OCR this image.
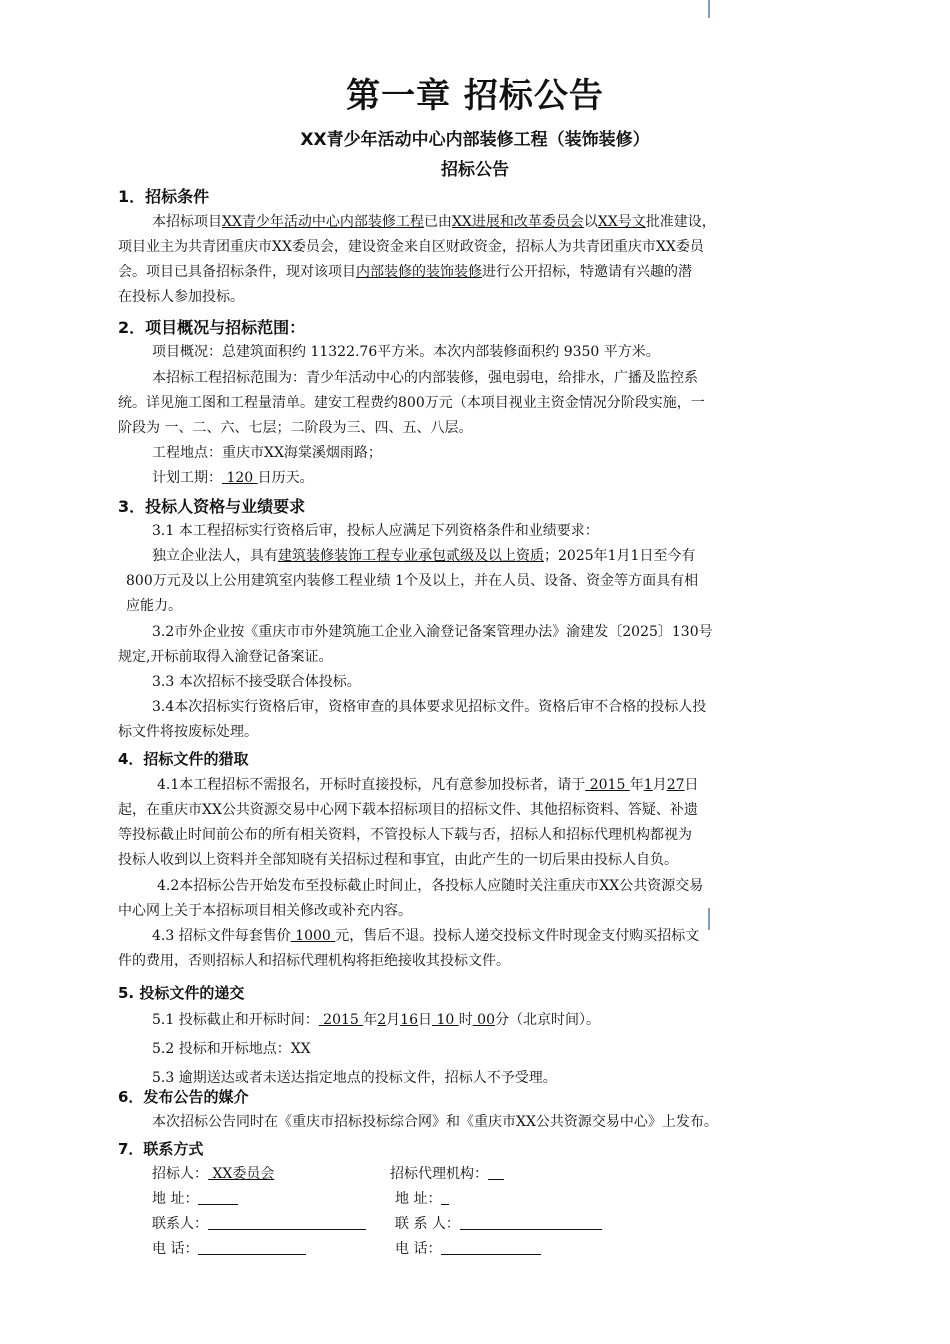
第一章 招标公告
XX青少年活动中心内部装修工程（装饰装修）
招标公告
1．招标条件
本招标项目XX青少年活动中心内部装修工程已由XX进展和改革委员会以XX号文批准建设，
项目业主为共青团重庆市XX委员会，建设资金来自区财政资金，招标人为共青团重庆市XX委员
会。项目已具备招标条件，现对该项目内部装修的装饰装修进行公开招标，特邀请有兴趣的潜
在投标人参加投标。
2．项目概况与招标范围：
项目概况：总建筑面积约 11322.76平方米。本次内部装修面积约 9350 平方米。
本招标工程招标范围为：青少年活动中心的内部装修，强电弱电，给排水，广播及监控系
统。详见施工图和工程量清单。建安工程费约800万元（本项目视业主资金情况分阶段实施，一
阶段为 一、二、六、七层；二阶段为三、四、五、八层。
工程地点：重庆市XX海棠溪烟雨路；
计划工期： 120 日历天。
3．投标人资格与业绩要求
3.1 本工程招标实行资格后审，投标人应满足下列资格条件和业绩要求：
独立企业法人，具有建筑装修装饰工程专业承包贰级及以上资质；2025年1月1日至今有
800万元及以上公用建筑室内装修工程业绩 1个及以上，并在人员、设备、资金等方面具有相
应能力。
3.2市外企业按《重庆市市外建筑施工企业入渝登记备案管理办法》渝建发〔2025〕130号
规定,开标前取得入渝登记备案证。
3.3 本次招标不接受联合体投标。
3.4本次招标实行资格后审，资格审查的具体要求见招标文件。资格后审不合格的投标人投
标文件将按废标处理。
4．招标文件的猎取
4.1本工程招标不需报名，开标时直接投标，凡有意参加投标者，请于 2015 年1月27日
起，在重庆市XX公共资源交易中心网下载本招标项目的招标文件、其他招标资料、答疑、补遗
等投标截止时间前公布的所有相关资料，不管投标人下载与否，招标人和招标代理机构都视为
投标人收到以上资料并全部知晓有关招标过程和事宜，由此产生的一切后果由投标人自负。
4.2本招标公告开始发布至投标截止时间止，各投标人应随时关注重庆市XX公共资源交易
中心网上关于本招标项目相关修改或补充内容。
4.3 招标文件每套售价 1000 元，售后不退。投标人递交投标文件时现金支付购买招标文
件的费用，否则招标人和招标代理机构将拒绝接收其投标文件。
5. 投标文件的递交
5.1 投标截止和开标时间： 2015 年2月16日 10 时 00分（北京时间）。
5.2 投标和开标地点：XX
5.3 逾期送达或者未送达指定地点的投标文件，招标人不予受理。
6．发布公告的媒介
本次招标公告同时在《重庆市招标投标综合网》和《重庆市XX公共资源交易中心》上发布。
7．联系方式
招标人： XX委员会	招标代理机构：
地 址：	地 址：
联系人：	联 系 人：
电 话：	电 话：
